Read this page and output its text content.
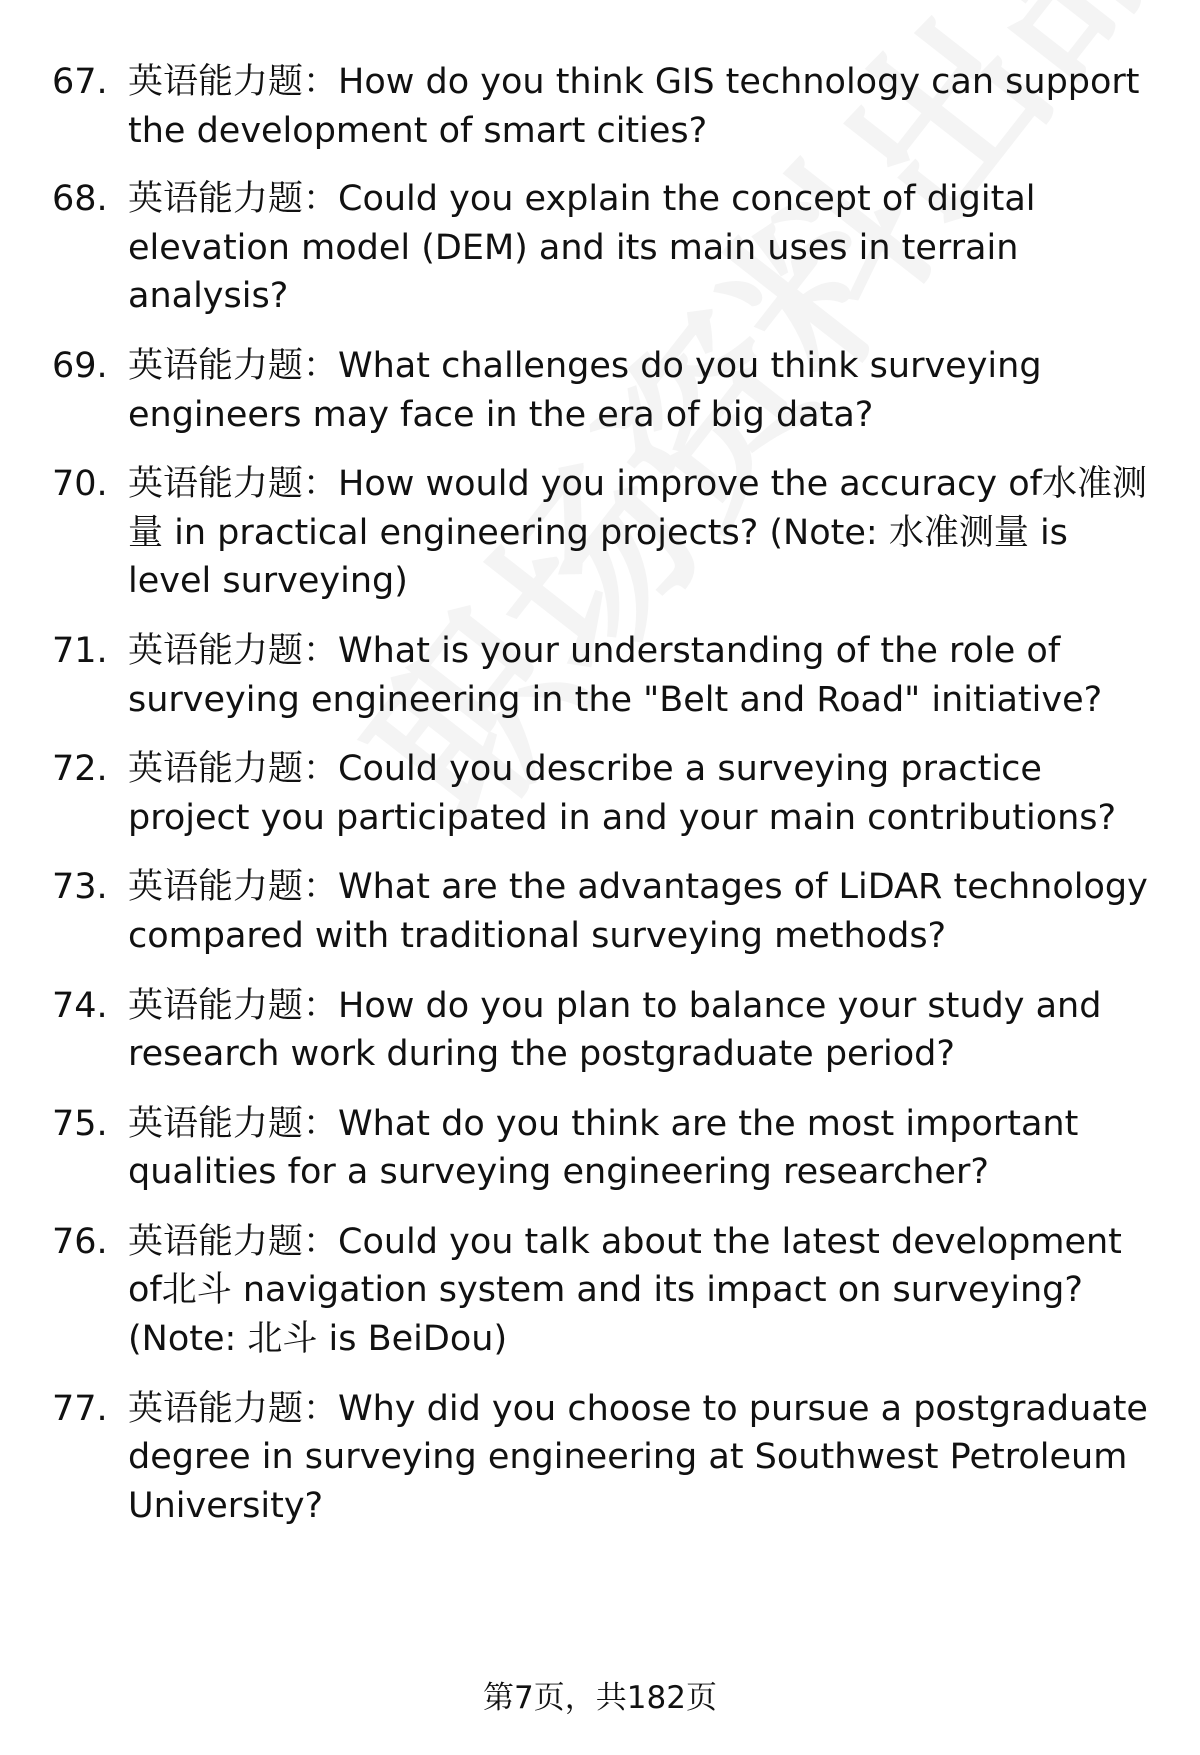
67. 英语能力题：How do you think GIS technology can support the development of smart cities?
68. 英语能力题：Could you explain the concept of digital elevation model (DEM) and its main uses in terrain analysis?
69. 英语能力题：What challenges do you think surveying engineers may face in the era of big data?
70. 英语能力题：How would you improve the accuracy of水准测量 in practical engineering projects? (Note: 水准测量 is level surveying)
71. 英语能力题：What is your understanding of the role of surveying engineering in the "Belt and Road" initiative?
72. 英语能力题：Could you describe a surveying practice project you participated in and your main contributions?
73. 英语能力题：What are the advantages of LiDAR technology compared with traditional surveying methods?
74. 英语能力题：How do you plan to balance your study and research work during the postgraduate period?
75. 英语能力题：What do you think are the most important qualities for a surveying engineering researcher?
76. 英语能力题：Could you talk about the latest development of北斗 navigation system and its impact on surveying? (Note: 北斗 is BeiDou)
77. 英语能力题：Why did you choose to pursue a postgraduate degree in surveying engineering at Southwest Petroleum University?
第7页，共182页
